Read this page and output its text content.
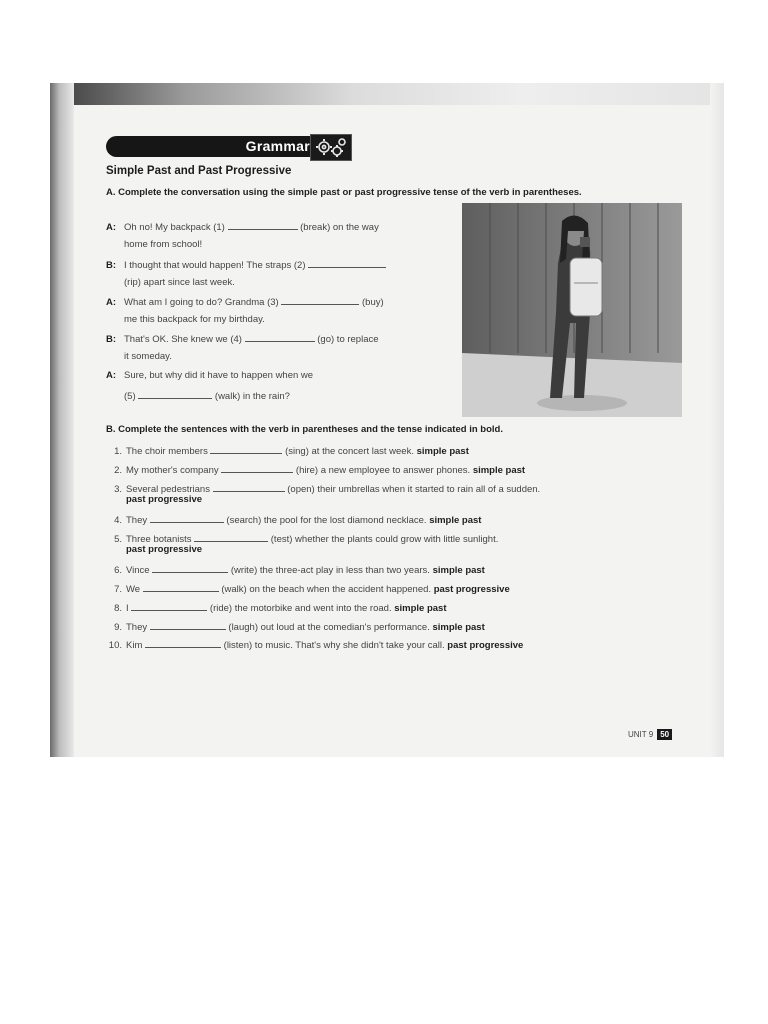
Grammar
Simple Past and Past Progressive
A. Complete the conversation using the simple past or past progressive tense of the verb in parentheses.
A: Oh no! My backpack (1)	(break) on the way
home from school!
B: I thought that would happen! The straps (2)
(rip) apart since last week.
A: What am I going to do? Grandma (3)	(buy)
me this backpack for my birthday.
B: That's OK. She knew we (4)	(go) to replace
it someday.
A: Sure, but why did it have to happen when we
(5)	(walk) in the rain?
B. Complete the sentences with the verb in parentheses and the tense indicated in bold.
1. The choir members	(sing) at the concert last week. simple past
2. My mother's company	(hire) a new employee to answer phones. simple past
3. Several pedestrians	(open) their umbrellas when it started to rain all of a sudden.
past progressive
4. They	(search) the pool for the lost diamond necklace. simple past
5. Three botanists	(test) whether the plants could grow with little sunlight.
past progressive
6. Vince	(write) the three-act play in less than two years. simple past
7. We	(walk) on the beach when the accident happened. past progressive
8. I	(ride) the motorbike and went into the road. simple past
9. They	(laugh) out loud at the comedian's performance. simple past
10. Kim	(listen) to music. That's why she didn't take your call. past progressive
UNIT 9 50
